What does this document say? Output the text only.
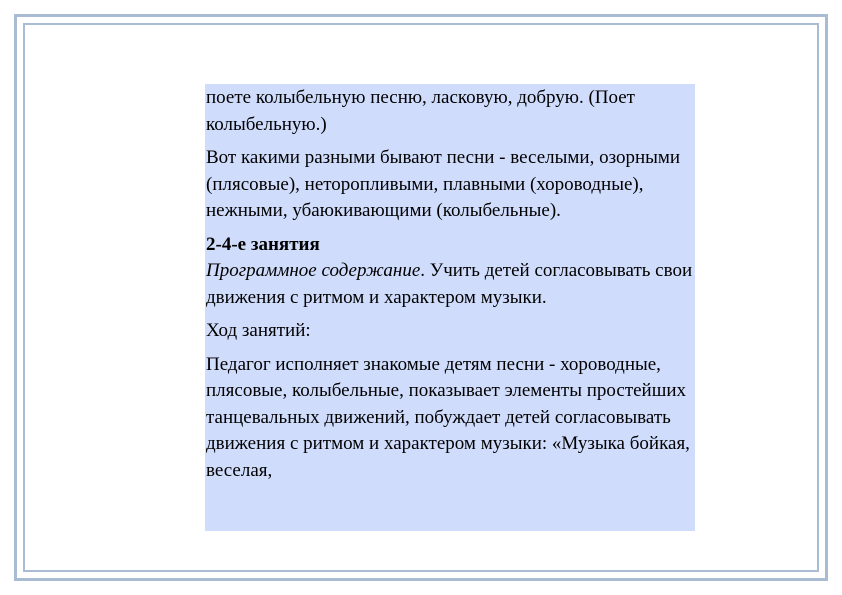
поете колыбельную песню, ласковую, добрую. (Поет колыбельную.)

Вот какими разными бывают песни - веселыми, озорными (плясовые), неторопливыми, плавными (хороводные), нежными, убаюкивающими (колыбельные).

2-4-е занятия

Программное содержание. Учить детей согласовывать свои движения с ритмом и характером музыки.

Ход занятий:

Педагог исполняет знакомые детям песни - хороводные, плясовые, колыбельные, показывает элементы простейших танцевальных движений, побуждает детей согласовывать движения с ритмом и характером музыки: «Музыка бойкая, веселая,
